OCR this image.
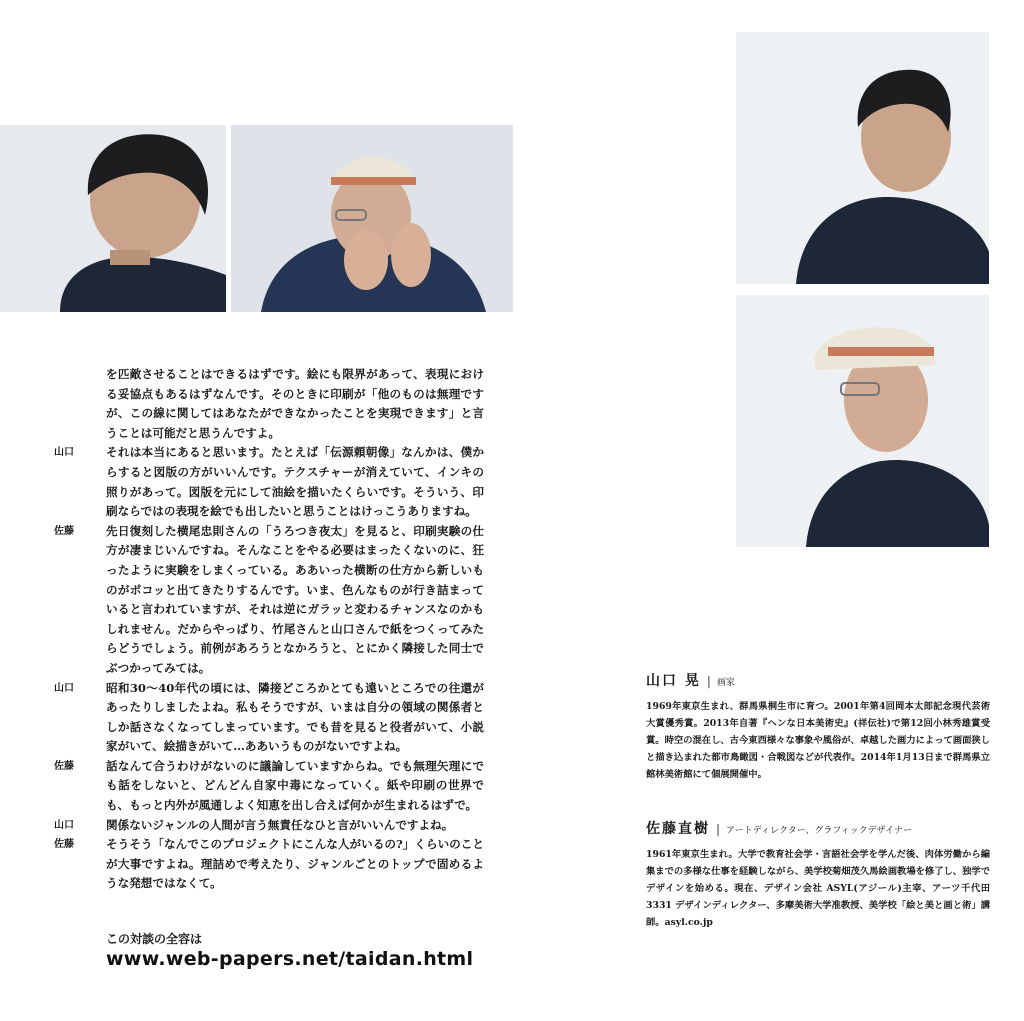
を匹敵させることはできるはずです。絵にも限界があって、表現における妥協点もあるはずなんです。そのときに印刷が「他のものは無理ですが、この線に関してはあなたができなかったことを実現できます」と言うことは可能だと思うんですよ。

山口	それは本当にあると思います。たとえば「伝源頼朝像」なんかは、僕からすると図版の方がいいんです。テクスチャーが消えていて、インキの照りがあって。図版を元にして油絵を描いたくらいです。そういう、印刷ならではの表現を絵でも出したいと思うことはけっこうありますね。

佐藤	先日復刻した横尾忠則さんの「うろつき夜太」を見ると、印刷実験の仕方が凄まじいんですね。そんなことをやる必要はまったくないのに、狂ったように実験をしまくっている。ああいった横断の仕方から新しいものがポコッと出てきたりするんです。いま、色んなものが行き詰まっていると言われていますが、それは逆にガラッと変わるチャンスなのかもしれません。だからやっぱり、竹尾さんと山口さんで紙をつくってみたらどうでしょう。前例があろうとなかろうと、とにかく隣接した同士でぶつかってみては。

山口	昭和30〜40年代の頃には、隣接どころかとても遠いところでの往還があったりしましたよね。私もそうですが、いまは自分の領域の関係者としか話さなくなってしまっています。でも昔を見ると役者がいて、小説家がいて、絵描きがいて…ああいうものがないですよね。

佐藤	話なんて合うわけがないのに議論していますからね。でも無理矢理にでも話をしないと、どんどん自家中毒になっていく。紙や印刷の世界でも、もっと内外が風通しよく知恵を出し合えば何かが生まれるはずで。

山口	関係ないジャンルの人間が言う無責任なひと言がいいんですよね。

佐藤	そうそう「なんでこのプロジェクトにこんな人がいるの?」くらいのことが大事ですよね。理詰めで考えたり、ジャンルごとのトップで固めるような発想ではなくて。

この対談の全容は
www.web-papers.net/taidan.html
山口 晃 | 画家

1969年東京生まれ、群馬県桐生市に育つ。2001年第4回岡本太郎記念現代芸術大賞優秀賞。2013年自著『ヘンな日本美術史』(祥伝社)で第12回小林秀雄賞受賞。時空の混在し、古今東西様々な事象や風俗が、卓越した画力によって画面狭しと描き込まれた都市鳥瞰図・合戦図などが代表作。2014年1月13日まで群馬県立館林美術館にて個展開催中。

佐藤直樹 | アートディレクター、グラフィックデザイナー

1961年東京生まれ。大学で教育社会学・言語社会学を学んだ後、肉体労働から編集までの多様な仕事を経験しながら、美学校菊畑茂久馬絵画教場を修了し、独学でデザインを始める。現在、デザイン会社 ASYL(アジール)主宰、アーツ千代田 3331 デザインディレクター、多摩美術大学准教授、美学校「絵と美と画と術」講師。asyl.co.jp
